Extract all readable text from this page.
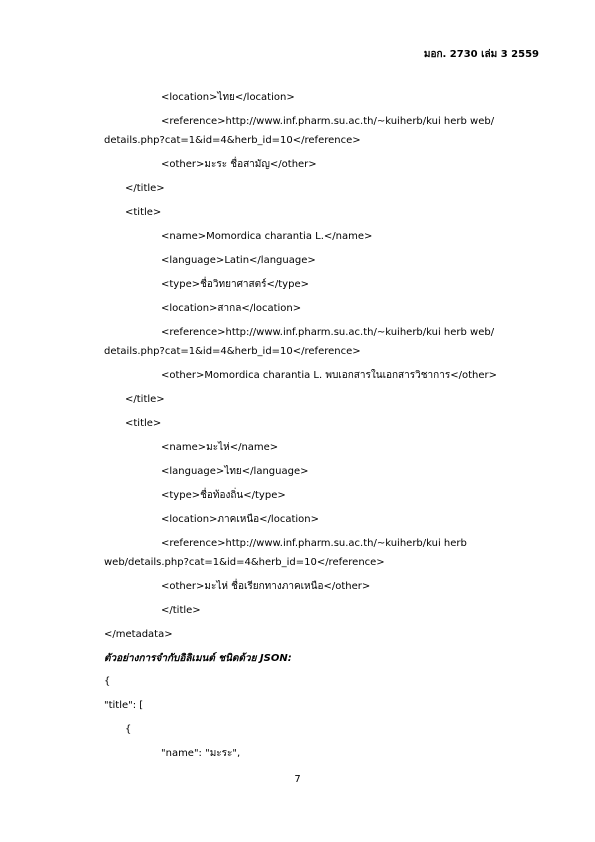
มอก. 2730 เล่ม 3 2559
<location>ไทย</location>
<reference>http://www.inf.pharm.su.ac.th/~kuiherb/kui herb web/
details.php?cat=1&id=4&herb_id=10</reference>
<other>มะระ ชื่อสามัญ</other>
</title>
<title>
<name>Momordica charantia L.</name>
<language>Latin</language>
<type>ชื่อวิทยาศาสตร์</type>
<location>สากล</location>
<reference>http://www.inf.pharm.su.ac.th/~kuiherb/kui herb web/
details.php?cat=1&id=4&herb_id=10</reference>
<other>Momordica charantia L. พบเอกสารในเอกสารวิชาการ</other>
</title>
<title>
<name>มะไห่</name>
<language>ไทย</language>
<type>ชื่อท้องถิ่น</type>
<location>ภาคเหนือ</location>
<reference>http://www.inf.pharm.su.ac.th/~kuiherb/kui herb
web/details.php?cat=1&id=4&herb_id=10</reference>
<other>มะไห่ ชื่อเรียกทางภาคเหนือ</other>
</title>
</metadata>
ตัวอย่างการจำกับอิลิเมนต์ ชนิดด้วย JSON:
{
"title": [
{
"name": "มะระ",
7
